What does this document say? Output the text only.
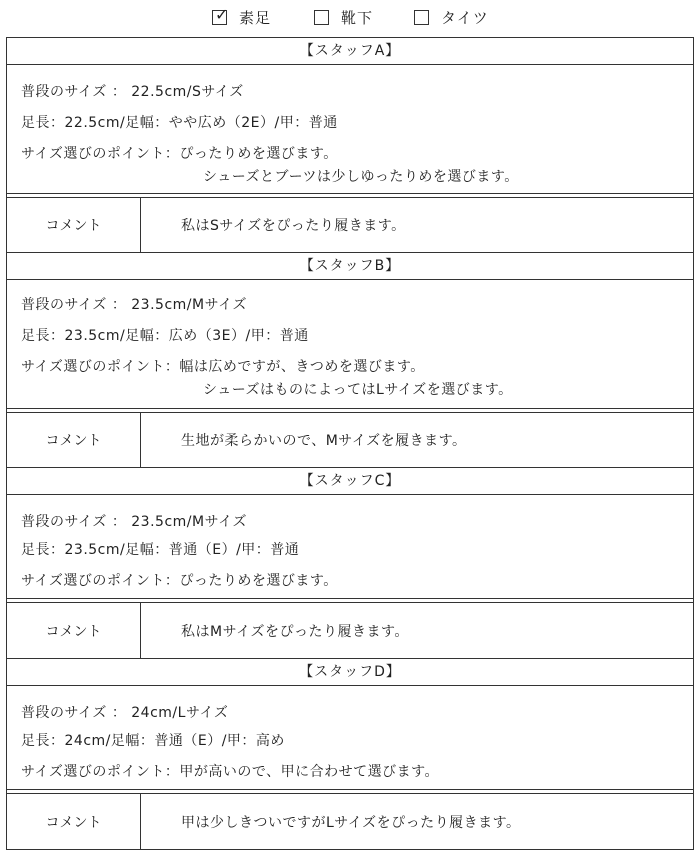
✓ 素足	靴下	タイツ
【スタッフA】
普段のサイズ ： 22.5cm/Sサイズ
足長：22.5cm/足幅：やや広め（2E）/甲：普通
サイズ選びのポイント：ぴったりめを選びます。
シューズとブーツは少しゆったりめを選びます。
コメント	私はSサイズをぴったり履きます。
【スタッフB】
普段のサイズ ： 23.5cm/Mサイズ
足長：23.5cm/足幅：広め（3E）/甲：普通
サイズ選びのポイント：幅は広めですが、きつめを選びます。
シューズはものによってはLサイズを選びます。
コメント	生地が柔らかいので、Mサイズを履きます。
【スタッフC】
普段のサイズ ： 23.5cm/Mサイズ
足長：23.5cm/足幅：普通（E）/甲：普通
サイズ選びのポイント：ぴったりめを選びます。
コメント	私はMサイズをぴったり履きます。
【スタッフD】
普段のサイズ ： 24cm/Lサイズ
足長：24cm/足幅：普通（E）/甲：高め
サイズ選びのポイント：甲が高いので、甲に合わせて選びます。
コメント	甲は少しきついですがLサイズをぴったり履きます。
